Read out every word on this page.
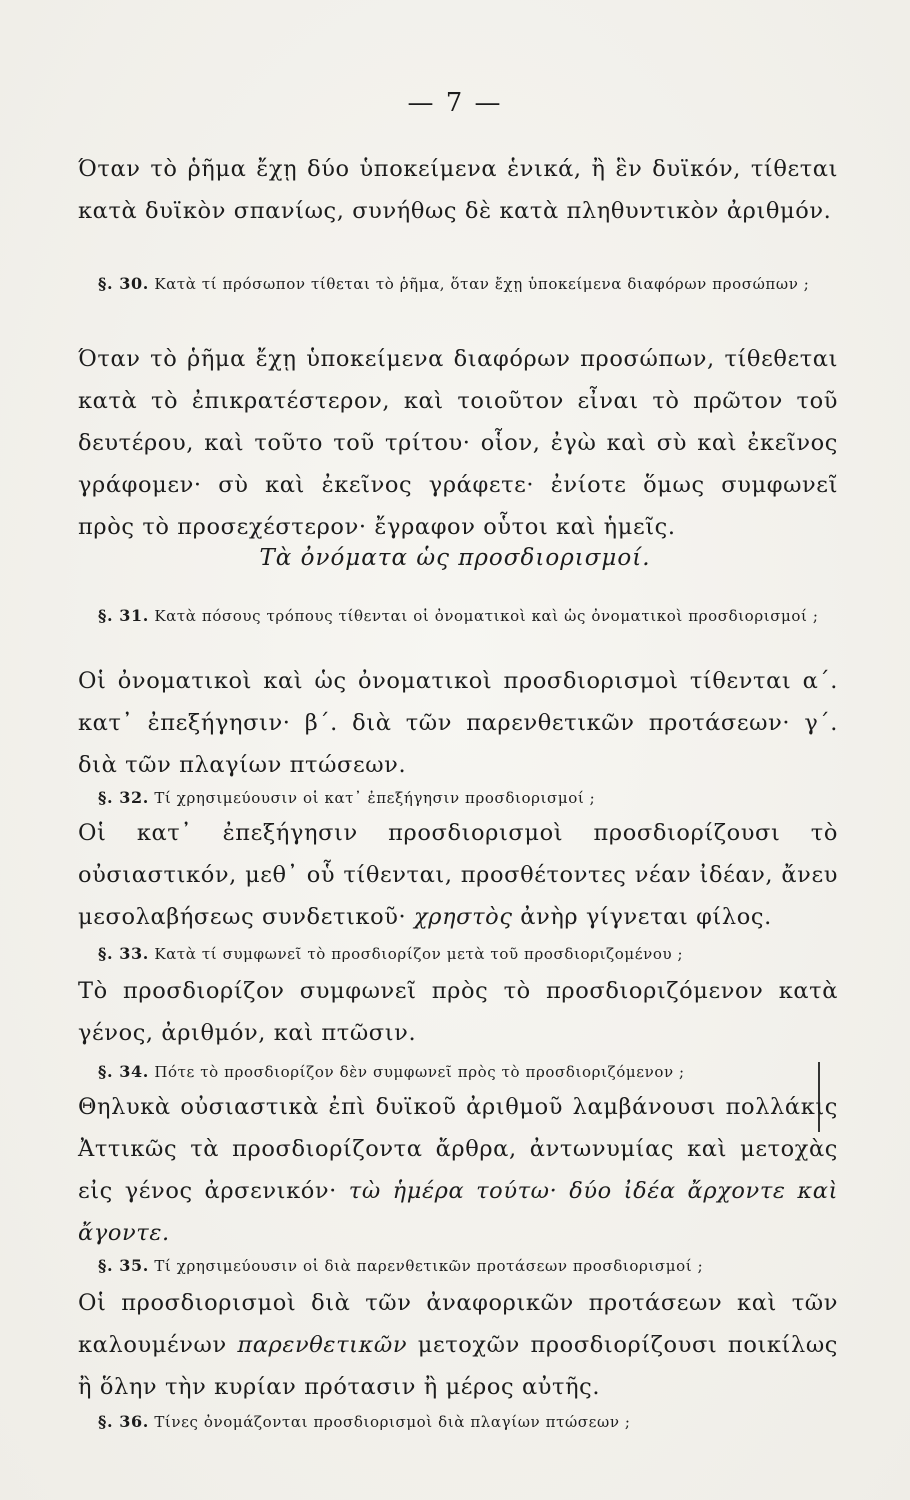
— 7 —
Όταν τὸ ῥῆμα ἔχῃ δύο ὑποκείμενα ἑνικά, ἢ ἓν δυϊκόν, τίθεται κατὰ δυϊκὸν σπανίως, συνήθως δὲ κατὰ πληθυντικὸν ἀριθμόν.
§. 30. Κατὰ τί πρόσωπον τίθεται τὸ ῥῆμα, ὅταν ἔχῃ ὑποκείμενα διαφόρων προσώπων ;
Όταν τὸ ῥῆμα ἔχῃ ὑποκείμενα διαφόρων προσώπων, τίθεθεται κατὰ τὸ ἐπικρατέστερον, καὶ τοιοῦτον εἶναι τὸ πρῶτον τοῦ δευτέρου, καὶ τοῦτο τοῦ τρίτου· οἷον, ἐγὼ καὶ σὺ καὶ ἐκεῖνος γράφομεν· σὺ καὶ ἐκεῖνος γράφετε· ἐνίοτε ὅμως συμφωνεῖ πρὸς τὸ προσεχέστερον· ἔγραφον οὗτοι καὶ ἡμεῖς.
Τὰ ὀνόματα ὡς προσδιορισμοί.
§. 31. Κατὰ πόσους τρόπους τίθενται οἱ ὀνοματικοὶ καὶ ὡς ὀνοματικοὶ προσδιορισμοί ;
Οἱ ὀνοματικοὶ καὶ ὡς ὀνοματικοὶ προσδιορισμοὶ τίθενται α΄. κατ᾽ ἐπεξήγησιν· β΄. διὰ τῶν παρενθετικῶν προτάσεων· γ΄. διὰ τῶν πλαγίων πτώσεων.
§. 32. Τί χρησιμεύουσιν οἱ κατ᾽ ἐπεξήγησιν προσδιορισμοί ;
Οἱ κατ᾽ ἐπεξήγησιν προσδιορισμοὶ προσδιορίζουσι τὸ οὐσιαστικόν, μεθ᾽ οὗ τίθενται, προσθέτοντες νέαν ἰδέαν, ἄνευ μεσολαβήσεως συνδετικοῦ· χρηστὸς ἀνὴρ γίγνεται φίλος.
§. 33. Κατὰ τί συμφωνεῖ τὸ προσδιορίζον μετὰ τοῦ προσδιοριζομένου ;
Τὸ προσδιορίζον συμφωνεῖ πρὸς τὸ προσδιοριζόμενον κατὰ γένος, ἀριθμόν, καὶ πτῶσιν.
§. 34. Πότε τὸ προσδιορίζον δὲν συμφωνεῖ πρὸς τὸ προσδιοριζόμενον ;
Θηλυκὰ οὐσιαστικὰ ἐπὶ δυϊκοῦ ἀριθμοῦ λαμβάνουσι πολλάκις Ἀττικῶς τὰ προσδιορίζοντα ἄρθρα, ἀντωνυμίας καὶ μετοχὰς εἰς γένος ἀρσενικόν· τὼ ἡμέρα τούτω· δύο ἰδέα ἄρχοντε καὶ ἄγοντε.
§. 35. Τί χρησιμεύουσιν οἱ διὰ παρενθετικῶν προτάσεων προσδιορισμοί ;
Οἱ προσδιορισμοὶ διὰ τῶν ἀναφορικῶν προτάσεων καὶ τῶν καλουμένων παρενθετικῶν μετοχῶν προσδιορίζουσι ποικίλως ἢ ὅλην τὴν κυρίαν πρότασιν ἢ μέρος αὐτῆς.
§. 36. Τίνες ὀνομάζονται προσδιορισμοὶ διὰ πλαγίων πτώσεων ;
